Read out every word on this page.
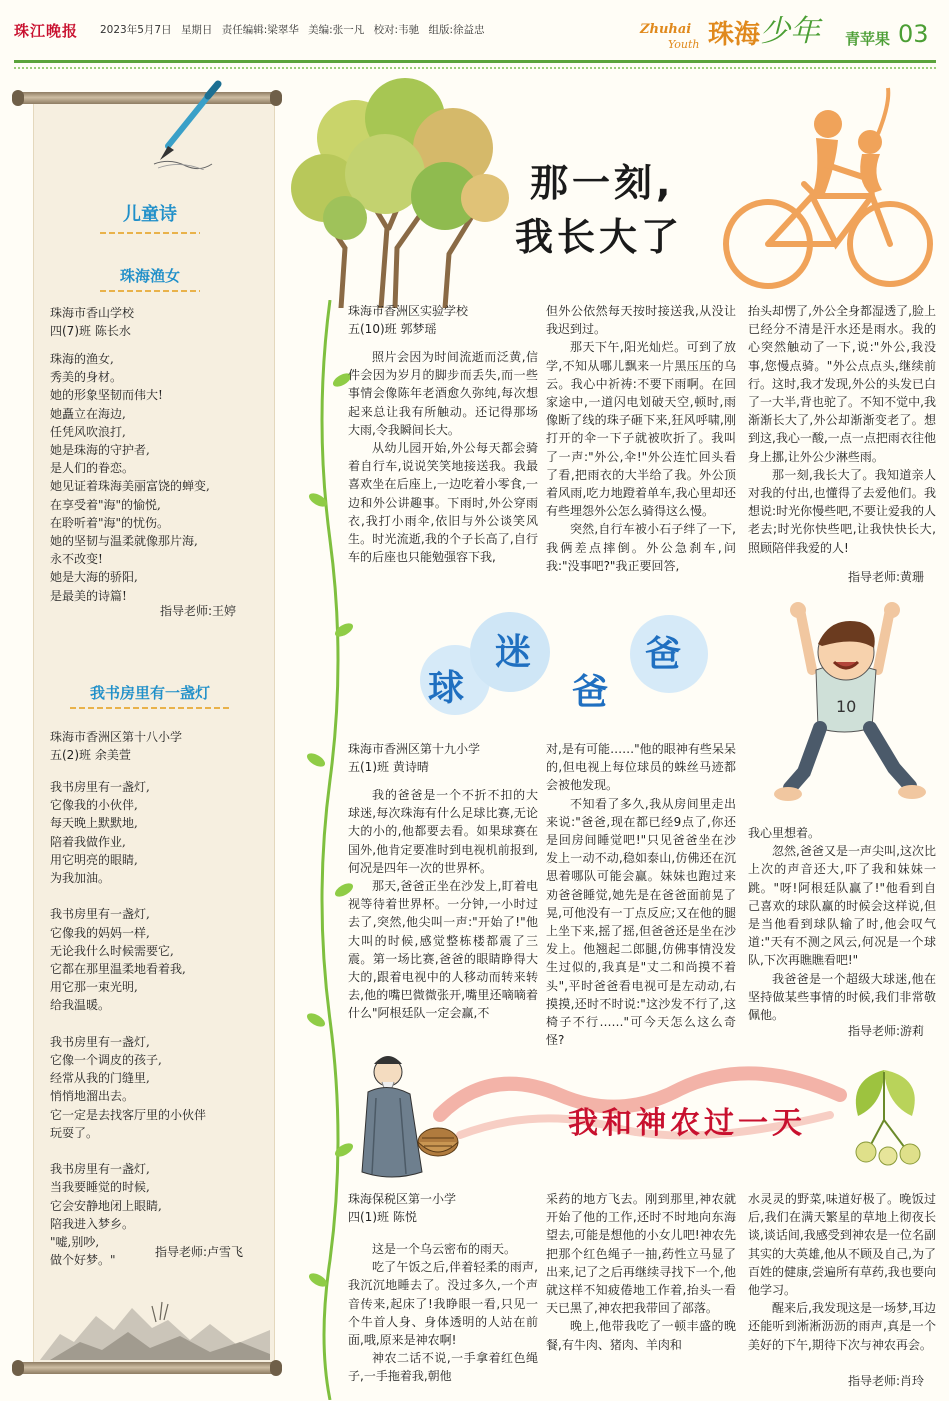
珠江晚报 2023年5月7日 星期日 责任编辑:梁翠华 美编:张一凡 校对:韦驰 组版:徐益忠	Zhuhai
Youth 珠海 少年 青苹果 03
儿童诗
珠海渔女
珠海市香山学校
四(7)班 陈长水
珠海的渔女,
秀美的身材。
她的形象坚韧而伟大!
她矗立在海边,
任凭风吹浪打,
她是珠海的守护者,
是人们的眷恋。
她见证着珠海美丽富饶的蝉变,
在享受着"海"的愉悦,
在聆听着"海"的忧伤。
她的坚韧与温柔就像那片海,
永不改变!
她是大海的骄阳,
是最美的诗篇!
指导老师:王婷
我书房里有一盏灯
珠海市香洲区第十八小学
五(2)班 余美萱
我书房里有一盏灯,
它像我的小伙伴,
每天晚上默默地,
陪着我做作业,
用它明亮的眼睛,
为我加油。

我书房里有一盏灯,
它像我的妈妈一样,
无论我什么时候需要它,
它都在那里温柔地看着我,
用它那一束光明,
给我温暖。

我书房里有一盏灯,
它像一个调皮的孩子,
经常从我的门缝里,
悄悄地溜出去。
它一定是去找客厅里的小伙伴
玩耍了。

我书房里有一盏灯,
当我要睡觉的时候,
它会安静地闭上眼睛,
陪我进入梦乡。
"嘘,别吵,
做个好梦。"
指导老师:卢雪飞
那一刻,
我长大了
珠海市香洲区实验学校
五(10)班 郭梦瑶

照片会因为时间流逝而泛黄,信件会因为岁月的脚步而丢失,而一些事情会像陈年老酒愈久弥纯,每次想起来总让我有所触动。还记得那场大雨,令我瞬间长大。

从幼儿园开始,外公每天都会骑着自行车,说说笑笑地接送我。我最喜欢坐在后座上,一边吃着小零食,一边和外公讲趣事。下雨时,外公穿雨衣,我打小雨伞,依旧与外公谈笑风生。时光流逝,我的个子长高了,自行车的后座也只能勉强容下我,

但外公依然每天按时接送我,从没让我迟到过。

那天下午,阳光灿烂。可到了放学,不知从哪儿飘来一片黑压压的乌云。我心中祈祷:不要下雨啊。在回家途中,一道闪电划破天空,顿时,雨像断了线的珠子砸下来,狂风呼啸,刚打开的伞一下子就被吹折了。我叫了一声:"外公,伞!"外公连忙回头看了看,把雨衣的大半给了我。外公顶着风雨,吃力地蹬着单车,我心里却还有些埋怨外公怎么骑得这么慢。

突然,自行车被小石子绊了一下,我俩差点摔倒。外公急刹车,问我:"没事吧?"我正要回答,

抬头却愣了,外公全身都湿透了,脸上已经分不清是汗水还是雨水。我的心突然触动了一下,说:"外公,我没事,您慢点骑。"外公点点头,继续前行。这时,我才发现,外公的头发已白了一大半,背也驼了。不知不觉中,我渐渐长大了,外公却渐渐变老了。想到这,我心一酸,一点一点把雨衣往他身上挪,让外公少淋些雨。

那一刻,我长大了。我知道亲人对我的付出,也懂得了去爱他们。我想说:时光你慢些吧,不要让爱我的人老去;时光你快些吧,让我快快长大,照顾陪伴我爱的人!

指导老师:黄珊
球
迷
爸
爸
10
珠海市香洲区第十九小学
五(1)班 黄诗晴

我的爸爸是一个不折不扣的大球迷,每次珠海有什么足球比赛,无论大的小的,他都要去看。如果球赛在国外,他肯定要准时到电视机前报到,何况是四年一次的世界杯。

那天,爸爸正坐在沙发上,盯着电视等待着世界杯。一分钟,一小时过去了,突然,他尖叫一声:"开始了!"他大叫的时候,感觉整栋楼都震了三震。第一场比赛,爸爸的眼睛睁得大大的,跟着电视中的人移动而转来转去,他的嘴巴微微张开,嘴里还嘀嘀着什么"阿根廷队一定会赢,不

对,是有可能……"他的眼神有些呆呆的,但电视上每位球员的蛛丝马迹都会被他发现。

不知看了多久,我从房间里走出来说:"爸爸,现在都已经9点了,你还是回房间睡觉吧!"只见爸爸坐在沙发上一动不动,稳如泰山,仿佛还在沉思着哪队可能会赢。妹妹也跑过来劝爸爸睡觉,她先是在爸爸面前晃了晃,可他没有一丁点反应;又在他的腿上坐下来,摇了摇,但爸爸还是坐在沙发上。他翘起二郎腿,仿佛事情没发生过似的,我真是"丈二和尚摸不着头",平时爸爸看电视可是左动动,右摸摸,还时不时说:"这沙发不行了,这椅子不行……"可今天怎么这么奇怪?

我心里想着。

忽然,爸爸又是一声尖叫,这次比上次的声音还大,吓了我和妹妹一跳。"呀!阿根廷队赢了!"他看到自己喜欢的球队赢的时候会这样说,但是当他看到球队输了时,他会叹气道:"天有不测之风云,何况是一个球队,下次再瞧瞧看吧!"

我爸爸是一个超级大球迷,他在坚持做某些事情的时候,我们非常敬佩他。

指导老师:游莉
我和神农过一天
珠海保税区第一小学
四(1)班 陈悦

这是一个乌云密布的雨天。

吃了午饭之后,伴着轻柔的雨声,我沉沉地睡去了。没过多久,一个声音传来,起床了!我睁眼一看,只见一个牛首人身、身体透明的人站在前面,哦,原来是神农啊!

神农二话不说,一手拿着红色绳子,一手拖着我,朝他

采药的地方飞去。刚到那里,神农就开始了他的工作,还时不时地向东海望去,可能是想他的小女儿吧!神农先把那个红色绳子一抽,药性立马显了出来,记了之后再继续寻找下一个,他就这样不知疲倦地工作着,抬头一看天已黑了,神农把我带回了部落。

晚上,他带我吃了一顿丰盛的晚餐,有牛肉、猪肉、羊肉和

水灵灵的野菜,味道好极了。晚饭过后,我们在满天繁星的草地上彻夜长谈,谈话间,我感受到神农是一位名副其实的大英雄,他从不顾及自己,为了百姓的健康,尝遍所有草药,我也要向他学习。

醒来后,我发现这是一场梦,耳边还能听到淅淅沥沥的雨声,真是一个美好的下午,期待下次与神农再会。

指导老师:肖玲
